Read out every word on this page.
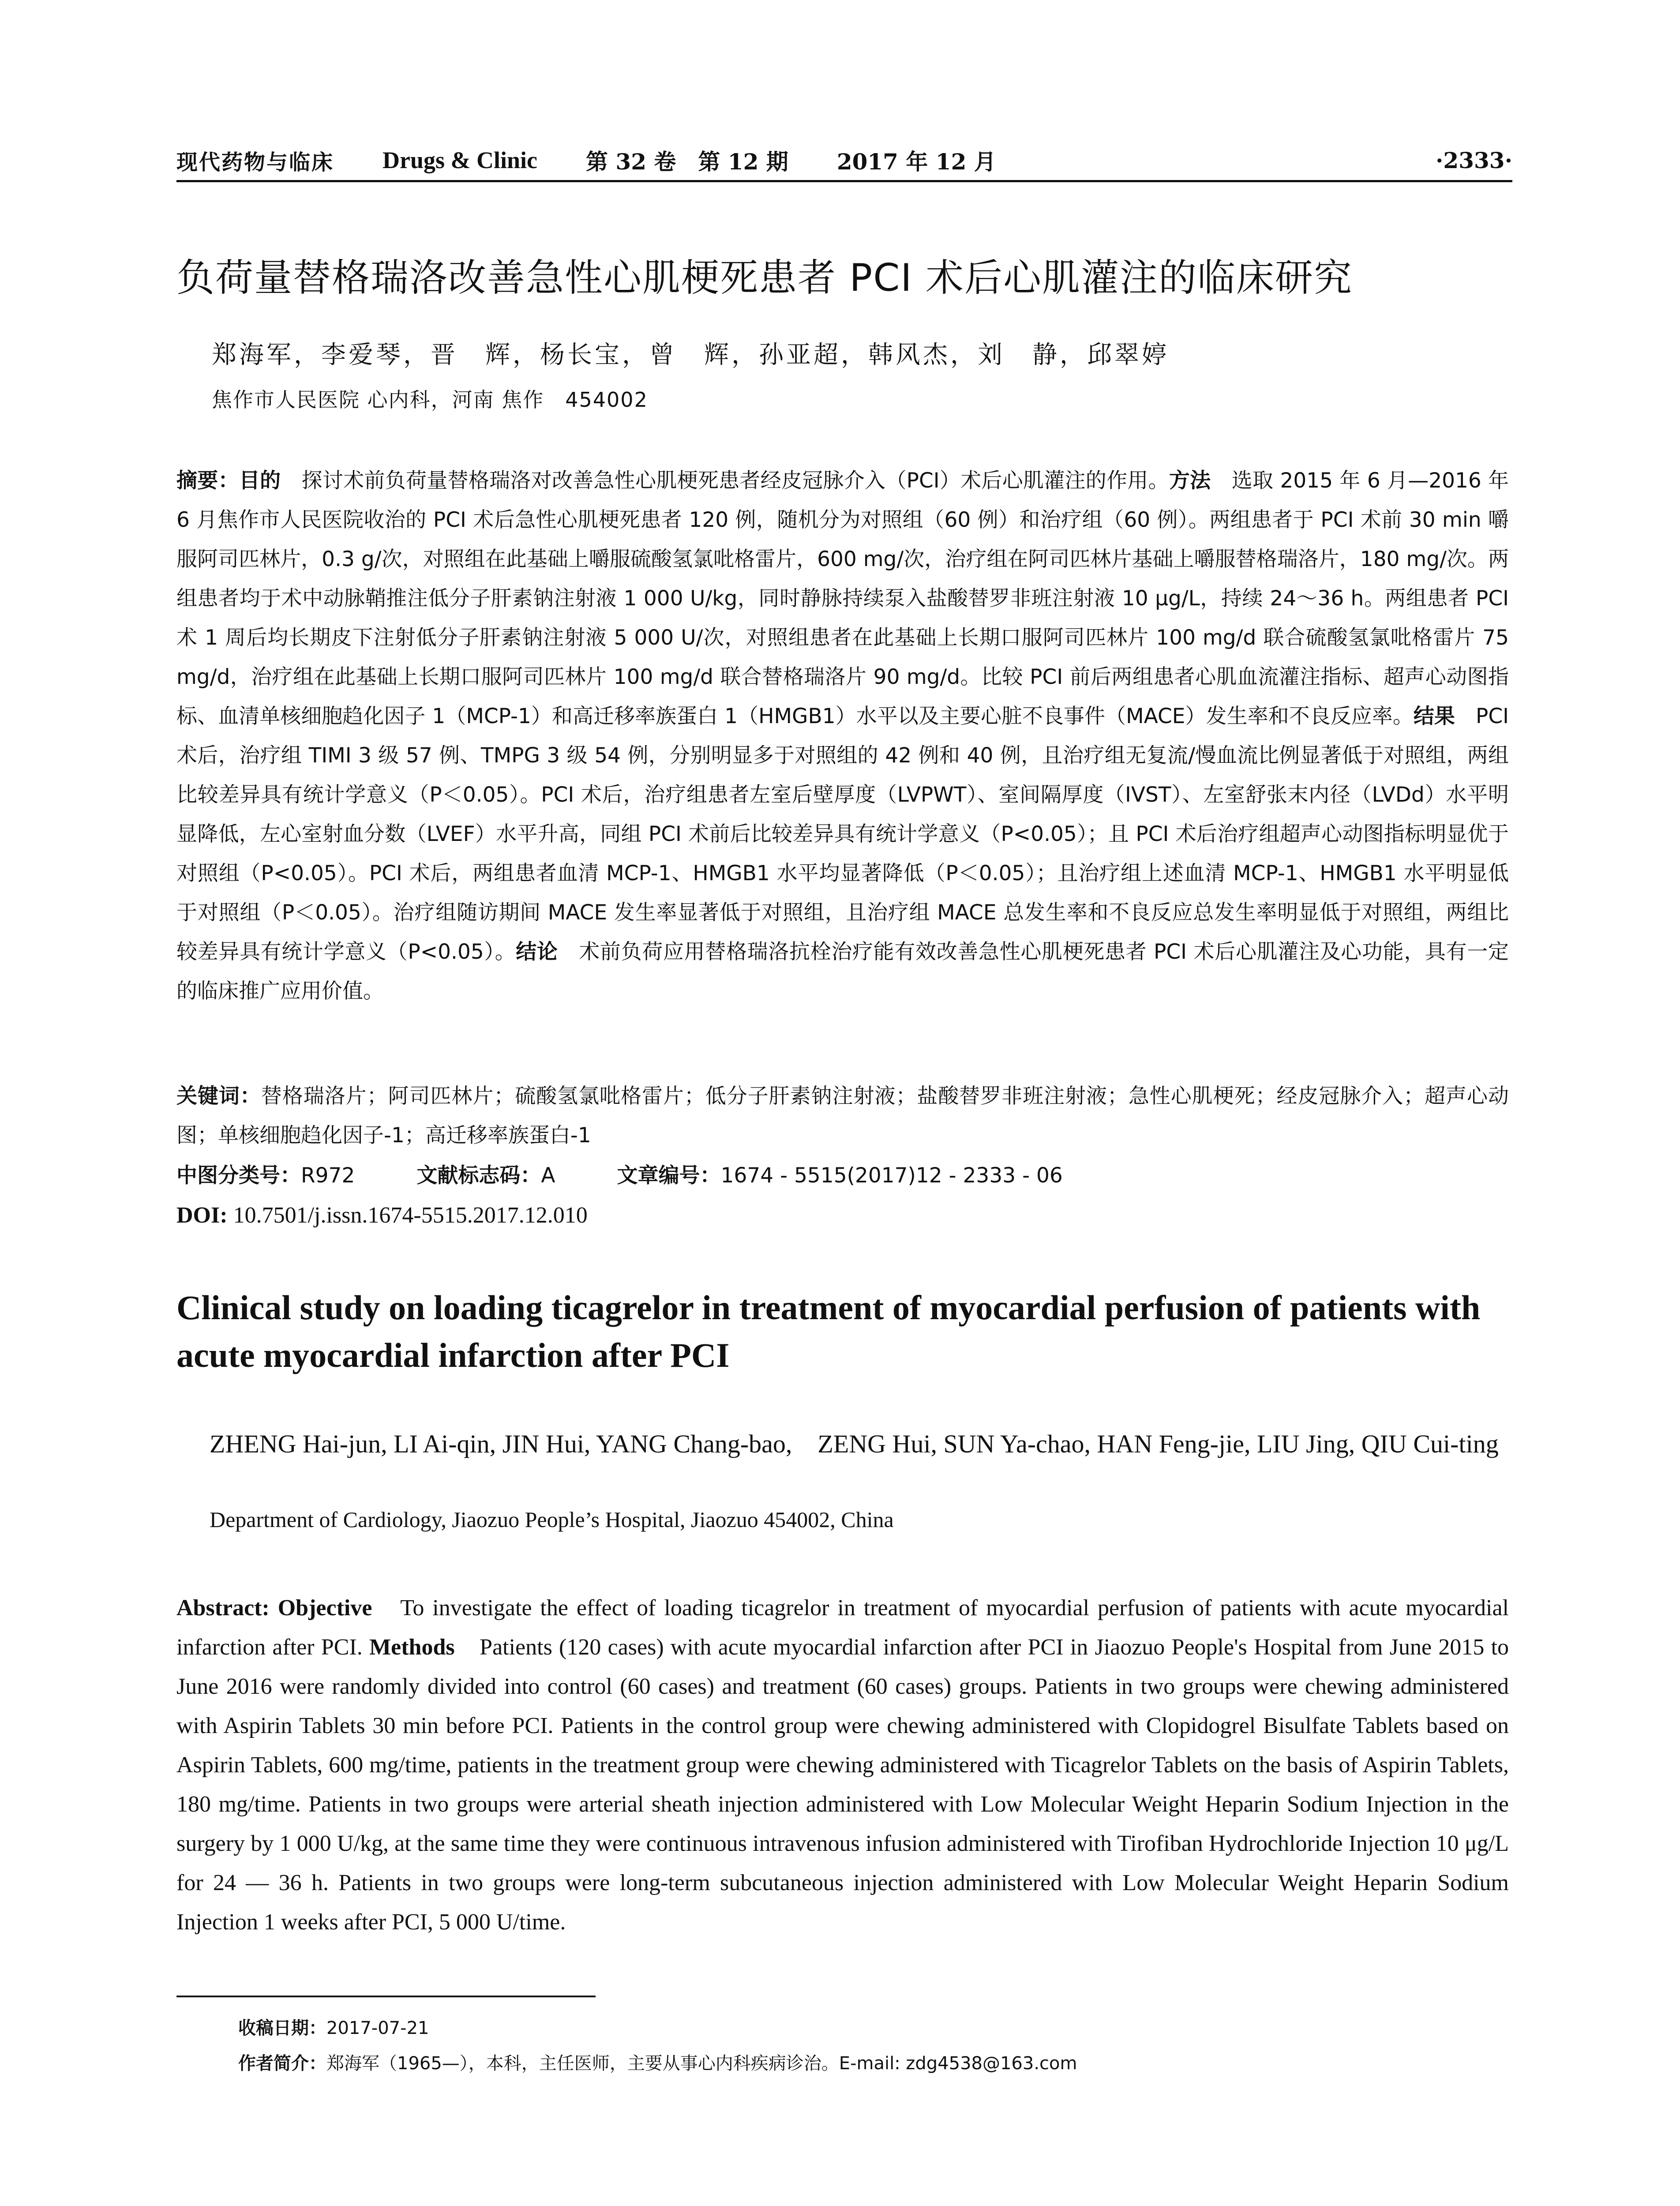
现代药物与临床 Drugs & Clinic 第 32 卷　第 12 期 2017 年 12 月	·2333·
负荷量替格瑞洛改善急性心肌梗死患者 PCI 术后心肌灌注的临床研究
郑海军，李爱琴，晋　辉，杨长宝，曾　辉，孙亚超，韩风杰，刘　静，邱翠婷
焦作市人民医院 心内科，河南 焦作　454002
摘要：目的　探讨术前负荷量替格瑞洛对改善急性心肌梗死患者经皮冠脉介入（PCI）术后心肌灌注的作用。方法　选取 2015 年 6 月—2016 年 6 月焦作市人民医院收治的 PCI 术后急性心肌梗死患者 120 例，随机分为对照组（60 例）和治疗组（60 例）。两组患者于 PCI 术前 30 min 嚼服阿司匹林片，0.3 g/次，对照组在此基础上嚼服硫酸氢氯吡格雷片，600 mg/次，治疗组在阿司匹林片基础上嚼服替格瑞洛片，180 mg/次。两组患者均于术中动脉鞘推注低分子肝素钠注射液 1 000 U/kg，同时静脉持续泵入盐酸替罗非班注射液 10 μg/L，持续 24～36 h。两组患者 PCI 术 1 周后均长期皮下注射低分子肝素钠注射液 5 000 U/次，对照组患者在此基础上长期口服阿司匹林片 100 mg/d 联合硫酸氢氯吡格雷片 75 mg/d，治疗组在此基础上长期口服阿司匹林片 100 mg/d 联合替格瑞洛片 90 mg/d。比较 PCI 前后两组患者心肌血流灌注指标、超声心动图指标、血清单核细胞趋化因子 1（MCP-1）和高迁移率族蛋白 1（HMGB1）水平以及主要心脏不良事件（MACE）发生率和不良反应率。结果　PCI 术后，治疗组 TIMI 3 级 57 例、TMPG 3 级 54 例，分别明显多于对照组的 42 例和 40 例，且治疗组无复流/慢血流比例显著低于对照组，两组比较差异具有统计学意义（P＜0.05）。PCI 术后，治疗组患者左室后壁厚度（LVPWT）、室间隔厚度（IVST）、左室舒张末内径（LVDd）水平明显降低，左心室射血分数（LVEF）水平升高，同组 PCI 术前后比较差异具有统计学意义（P<0.05）；且 PCI 术后治疗组超声心动图指标明显优于对照组（P<0.05）。PCI 术后，两组患者血清 MCP-1、HMGB1 水平均显著降低（P＜0.05）；且治疗组上述血清 MCP-1、HMGB1 水平明显低于对照组（P＜0.05）。治疗组随访期间 MACE 发生率显著低于对照组，且治疗组 MACE 总发生率和不良反应总发生率明显低于对照组，两组比较差异具有统计学意义（P<0.05）。结论　术前负荷应用替格瑞洛抗栓治疗能有效改善急性心肌梗死患者 PCI 术后心肌灌注及心功能，具有一定的临床推广应用价值。
关键词：替格瑞洛片；阿司匹林片；硫酸氢氯吡格雷片；低分子肝素钠注射液；盐酸替罗非班注射液；急性心肌梗死；经皮冠脉介入；超声心动图；单核细胞趋化因子-1；高迁移率族蛋白-1
中图分类号：R972	文献标志码：A	文章编号：1674 - 5515(2017)12 - 2333 - 06
DOI: 10.7501/j.issn.1674-5515.2017.12.010
Clinical study on loading ticagrelor in treatment of myocardial perfusion of patients with acute myocardial infarction after PCI
ZHENG Hai-jun, LI Ai-qin, JIN Hui, YANG Chang-bao,　ZENG Hui, SUN Ya-chao, HAN Feng-jie, LIU Jing, QIU Cui-ting
Department of Cardiology, Jiaozuo People’s Hospital, Jiaozuo 454002, China
Abstract: Objective　To investigate the effect of loading ticagrelor in treatment of myocardial perfusion of patients with acute myocardial infarction after PCI. Methods　Patients (120 cases) with acute myocardial infarction after PCI in Jiaozuo People's Hospital from June 2015 to June 2016 were randomly divided into control (60 cases) and treatment (60 cases) groups. Patients in two groups were chewing administered with Aspirin Tablets 30 min before PCI. Patients in the control group were chewing administered with Clopidogrel Bisulfate Tablets based on Aspirin Tablets, 600 mg/time, patients in the treatment group were chewing administered with Ticagrelor Tablets on the basis of Aspirin Tablets, 180 mg/time. Patients in two groups were arterial sheath injection administered with Low Molecular Weight Heparin Sodium Injection in the surgery by 1 000 U/kg, at the same time they were continuous intravenous infusion administered with Tirofiban Hydrochloride Injection 10 μg/L for 24 — 36 h. Patients in two groups were long-term subcutaneous injection administered with Low Molecular Weight Heparin Sodium Injection 1 weeks after PCI, 5 000 U/time.
收稿日期：2017-07-21
作者简介：郑海军（1965—），本科，主任医师，主要从事心内科疾病诊治。E-mail: zdg4538@163.com
